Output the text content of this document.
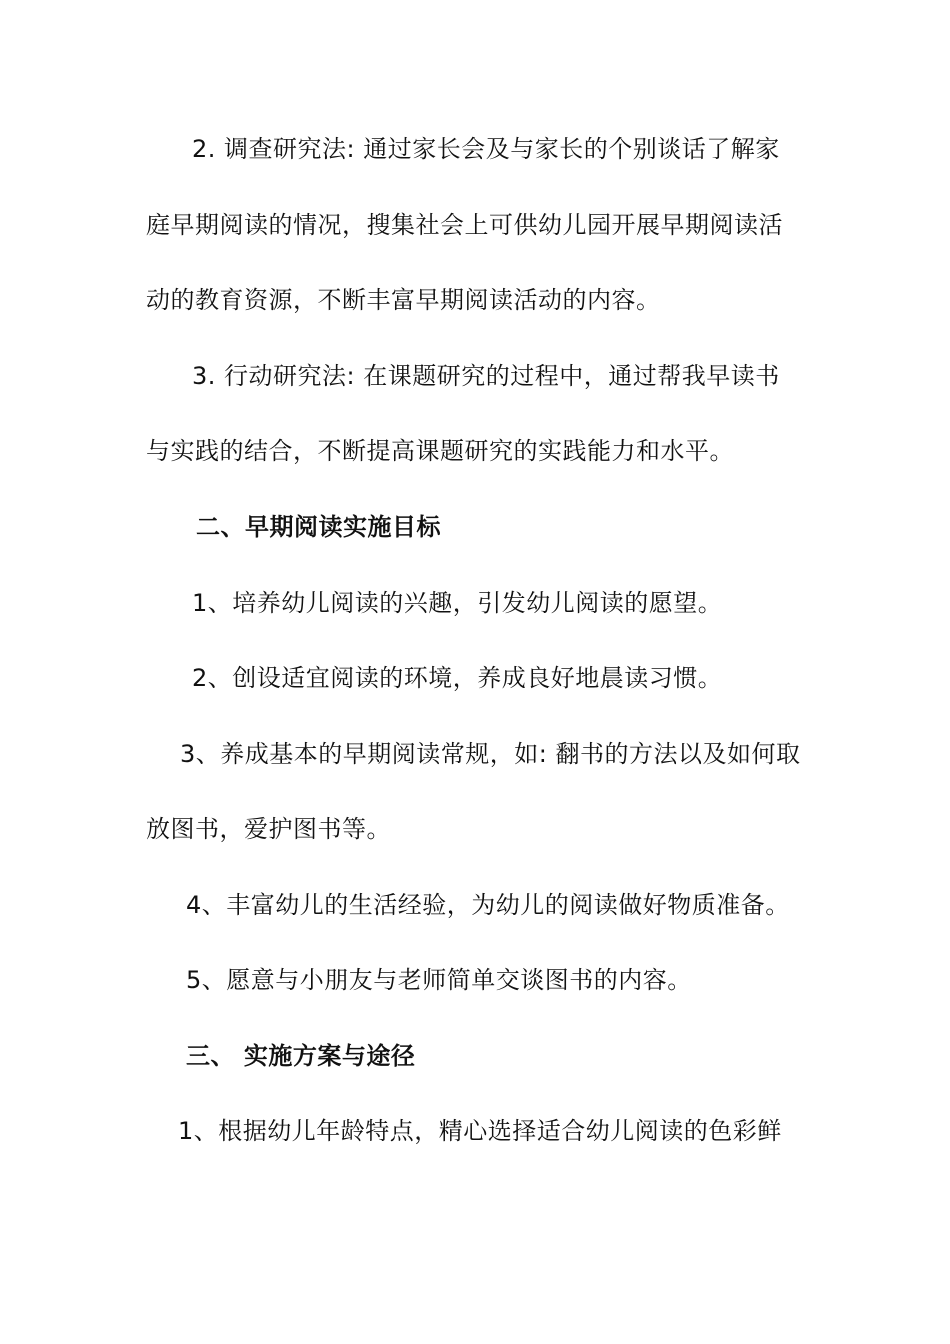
2. 调查研究法: 通过家长会及与家长的个别谈话了解家
庭早期阅读的情况，搜集社会上可供幼儿园开展早期阅读活
动的教育资源，不断丰富早期阅读活动的内容。
3. 行动研究法: 在课题研究的过程中，通过帮我早读书
与实践的结合，不断提高课题研究的实践能力和水平。
二、早期阅读实施目标
1、培养幼儿阅读的兴趣，引发幼儿阅读的愿望。
2、创设适宜阅读的环境，养成良好地晨读习惯。
3、养成基本的早期阅读常规，如: 翻书的方法以及如何取
放图书，爱护图书等。
4、丰富幼儿的生活经验，为幼儿的阅读做好物质准备。
5、愿意与小朋友与老师简单交谈图书的内容。
三、 实施方案与途径
1、根据幼儿年龄特点，精心选择适合幼儿阅读的色彩鲜
